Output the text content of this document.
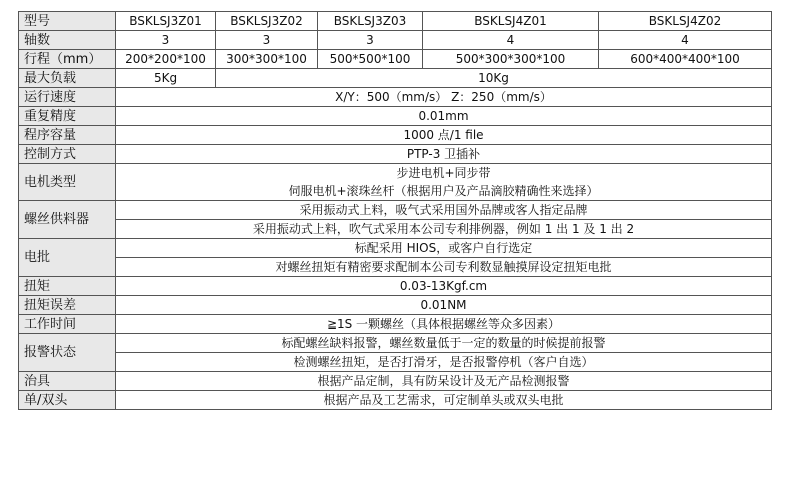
型号	BSKLSJ3Z01	BSKLSJ3Z02	BSKLSJ3Z03	BSKLSJ4Z01	BSKLSJ4Z02
轴数	3	3	3	4	4
行程（mm）	200*200*100	300*300*100	500*500*100	500*300*300*100	600*400*400*100
最大负载	5Kg	10Kg			
运行速度	X/Y：500（mm/s） Z：250（mm/s）				
重复精度	0.01mm				
程序容量	1000 点/1 file				
控制方式	PTP-3 卫插补				
电机类型	步进电机+同步带				
	伺服电机+滚珠丝杆（根据用户及产品滴胶精确性来选择）				
螺丝供料器	采用振动式上料，吸气式采用国外品牌或客人指定品牌				
	采用振动式上料，吹气式采用本公司专利排例器，例如 1 出 1 及 1 出 2				
电批	标配采用 HIOS，或客户自行选定				
	对螺丝扭矩有精密要求配制本公司专利数显触摸屏设定扭矩电批				
扭矩	0.03-13Kgf.cm				
扭矩误差	0.01NM				
工作时间	≧1S 一颗螺丝（具体根据螺丝等众多因素）				
报警状态	标配螺丝缺料报警，螺丝数量低于一定的数量的时候提前报警				
	检测螺丝扭矩，是否打滑牙，是否报警停机（客户自选）				
治具	根据产品定制，具有防呆设计及无产品检测报警				
单/双头	根据产品及工艺需求，可定制单头或双头电批				
